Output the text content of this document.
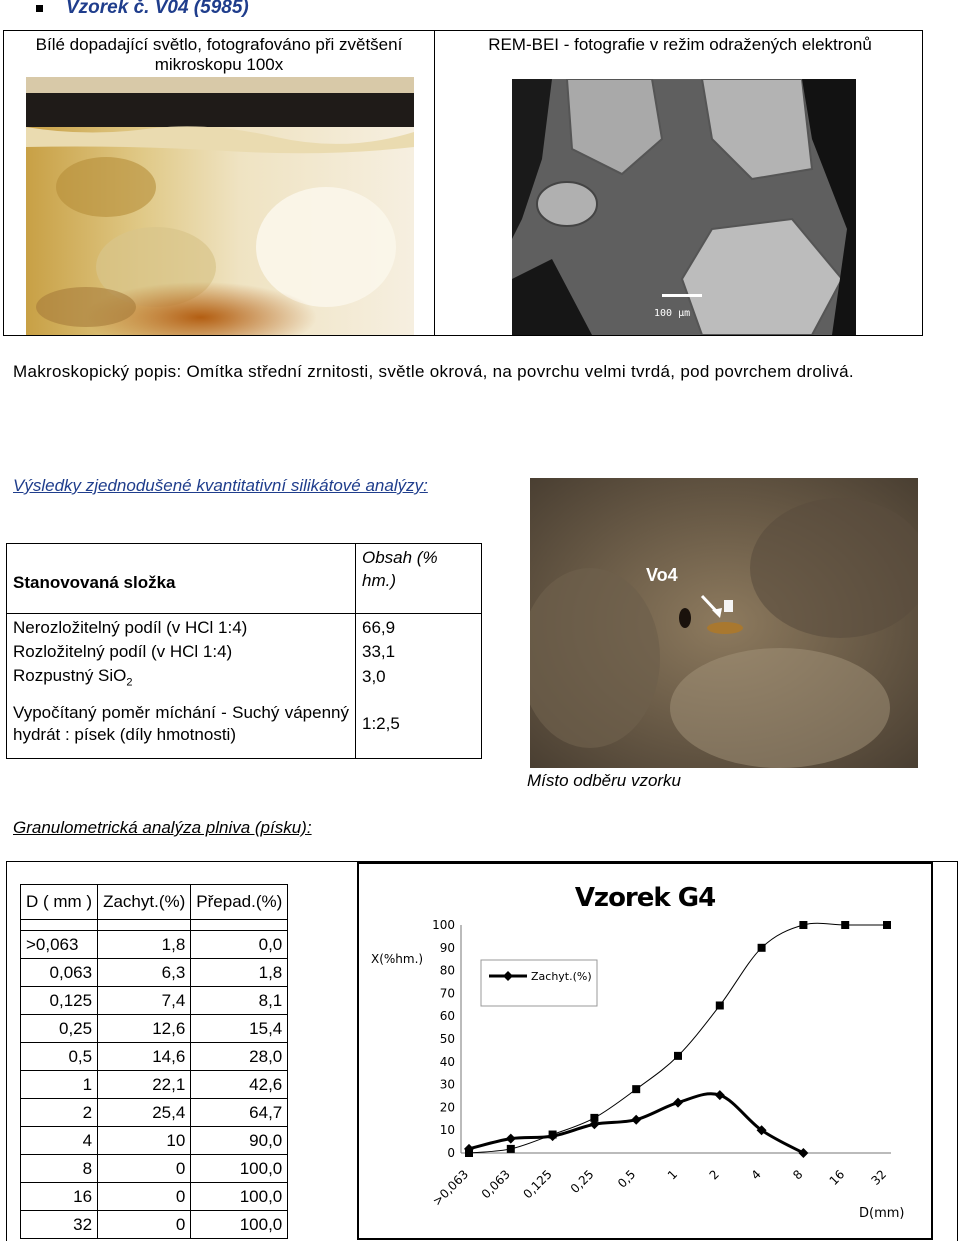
Vzorek č. V04 (5985)
Bílé dopadající světlo, fotografováno při zvětšení mikroskopu 100x
REM-BEI - fotografie v režim odražených elektronů
100 μm
Makroskopický popis: Omítka střední zrnitosti, světle okrová, na povrchu velmi tvrdá, pod povrchem drolivá.
Výsledky zjednodušené kvantitativní silikátové analýzy:
Stanovovaná složka	Obsah (% hm.)
Nerozložitelný podíl (v HCl 1:4)	66,9
Rozložitelný podíl (v HCl 1:4)	33,1
Rozpustný SiO$_2$	3,0
Vypočítaný poměr míchání - Suchý vápenný hydrát : písek (díly hmotnosti)	1:2,5
Vo4
Místo odběru vzorku
Granulometrická analýza plniva (písku):
D ( mm )	Zachyt.(%)	Přepad.(%)

>0,063	1,8	0,0
0,063	6,3	1,8
0,125	7,4	8,1
0,25	12,6	15,4
0,5	14,6	28,0
1	22,1	42,6
2	25,4	64,7
4	10	90,0
8	0	100,0
16	0	100,0
32	0	100,0
Vzorek G4
X(%hm.)
D(mm)
0
10
20
30
40
50
60
70
80
90
100
>0,063 0,063 0,125 0,25 0,5 1 2 4 8 16 32
Zachyt.(%)
